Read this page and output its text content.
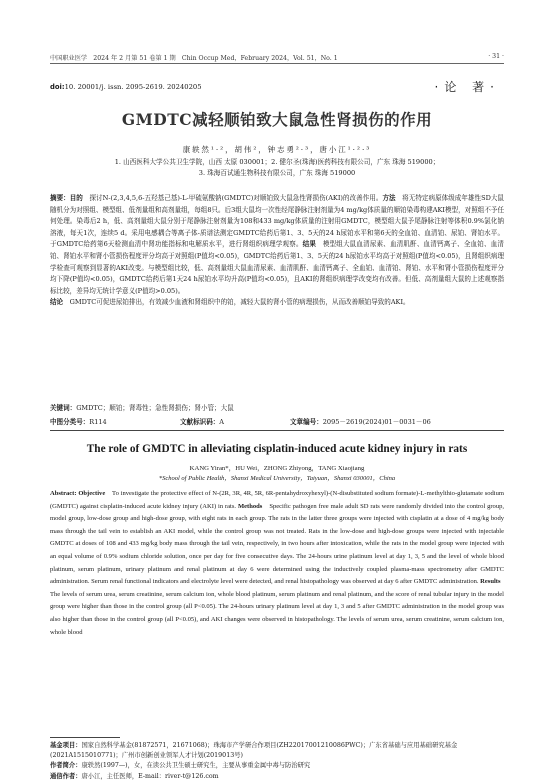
中国职业医学　2024 年 2 月第 51 卷第 1 期　Chin Occup Med，February 2024，Vol. 51，No. 1	· 31 ·
doi:10. 20001/j. issn. 2095-2619. 20240205	·论 著·
GMDTC减轻顺铂致大鼠急性肾损伤的作用
康轶然¹·²，胡伟²，钟志勇²·³，唐小江¹·²·³
1. 山西医科大学公共卫生学院，山西 太原 030001；2. 健尔圣(珠海)医药科技有限公司，广东 珠海 519000；
3. 珠海百试通生物科技有限公司，广东 珠海 519000
摘要：目的　探讨N-(2,3,4,5,6-五羟基己基)-L-甲硫氨酸钠(GMDTC)对顺铂致大鼠急性肾损伤(AKI)的改善作用。方法　将无特定病原体级成年雄性SD大鼠随机分为对照组、模型组、低剂量组和高剂量组，每组8只。后3组大鼠均一次性经尾静脉注射剂量为4 mg/kg体质量的顺铂染毒构建AKI模型，对照组不予任何处理。染毒后2 h，低、高剂量组大鼠分别于尾静脉注射剂量为108和433 mg/kg体质量的注射用GMDTC，模型组大鼠予尾静脉注射等体积0.9%氯化钠溶液，每天1次，连续5 d。采用电感耦合等离子体-质谱法测定GMDTC给药后第1、3、5天的24 h尿铂水平和第6天的全血铂、血清铂、尿铂、肾铂水平。于GMDTC给药第6天检测血清中肾功能指标和电解质水平，进行肾组织病理学观察。结果　模型组大鼠血清尿素、血清肌酐、血清钙离子、全血铂、血清铂、肾铂水平和肾小管损伤程度评分均高于对照组(P值均<0.05)，GMDTC给药后第1、3、5天的24 h尿铂水平均高于对照组(P值均<0.05)，且肾组织病理学检查可观察到显著的AKI改变。与模型组比较，低、高剂量组大鼠血清尿素、血清肌酐、血清钙离子、全血铂、血清铂、肾铂、水平和肾小管损伤程度评分均下降(P值均<0.05)，GMDTC给药后第1天24 h尿铂水平均升高(P值均<0.05)，且AKI的肾组织病理学改变均有改善。但低、高剂量组大鼠的上述观察指标比较，差异均无统计学意义(P值均>0.05)。
结论　GMDTC可促进尿铂排出，有效减少血液和肾组织中的铂，减轻大鼠的肾小管的病理损伤，从而改善顺铂导致的AKI。
关键词：GMDTC；顺铂；肾毒性；急性肾损伤；肾小管；大鼠
中图分类号：R114	文献标识码：A	文章编号：2095－2619(2024)01－0031－06
The role of GMDTC in alleviating cisplatin-induced acute kidney injury in rats
KANG Yiran*，HU Wei，ZHONG Zhiyong，TANG Xiaojiang
*School of Public Health，Shanxi Medical University，Taiyuan，Shanxi 030001，China
Abstract: Objective　To investigate the protective effect of N-(2R, 3R, 4R, 5R, 6R-pentahydroxyhexyl)-(N-disubstituted sodium formate)-L-methylthio-glutamate sodium (GMDTC) against cisplatin-induced acute kidney injury (AKI) in rats. Methods　Specific pathogen free male adult SD rats were randomly divided into the control group, model group, low-dose group and high-dose group, with eight rats in each group. The rats in the latter three groups were injected with cisplatin at a dose of 4 mg/kg body mass through the tail vein to establish an AKI model, while the control group was not treated. Rats in the low-dose and high-dose groups were injected with injectable GMDTC at doses of 108 and 433 mg/kg body mass through the tail vein, respectively, in two hours after intoxication, while the rats in the model group were injected with an equal volume of 0.9% sodium chloride solution, once per day for five consecutive days. The 24-hours urine platinum level at day 1, 3, 5 and the level of whole blood platinum, serum platinum, urinary platinum and renal platinum at day 6 were determined using the inductively coupled plasma-mass spectrometry after GMDTC administration. Serum renal functional indicators and electrolyte level were detected, and renal histopathology was observed at day 6 after GMDTC administration. Results　The levels of serum urea, serum creatinine, serum calcium ion, whole blood platinum, serum platinum and renal platinum, and the score of renal tubular injury in the model group were higher than those in the control group (all P<0.05). The 24-hours urinary platinum level at day 1, 3 and 5 after GMDTC administration in the model group was also higher than those in the control group (all P<0.05), and AKI changes were observed in histopathology. The levels of serum urea, serum creatinine, serum calcium ion, whole blood
基金项目：国家自然科学基金(81872571，21671068)；珠海市产学研合作项目(ZH22017001210086PWC)；广东省基础与应用基础研究基金(2021A1515010771)；广州市创新创业领军人才计划(2019013号)
作者简介：康轶然(1997—)，女，在读公共卫生硕士研究生，主要从事重金属中毒与防治研究
通信作者：唐小江，主任医师，E-mail：river-t@126.com
